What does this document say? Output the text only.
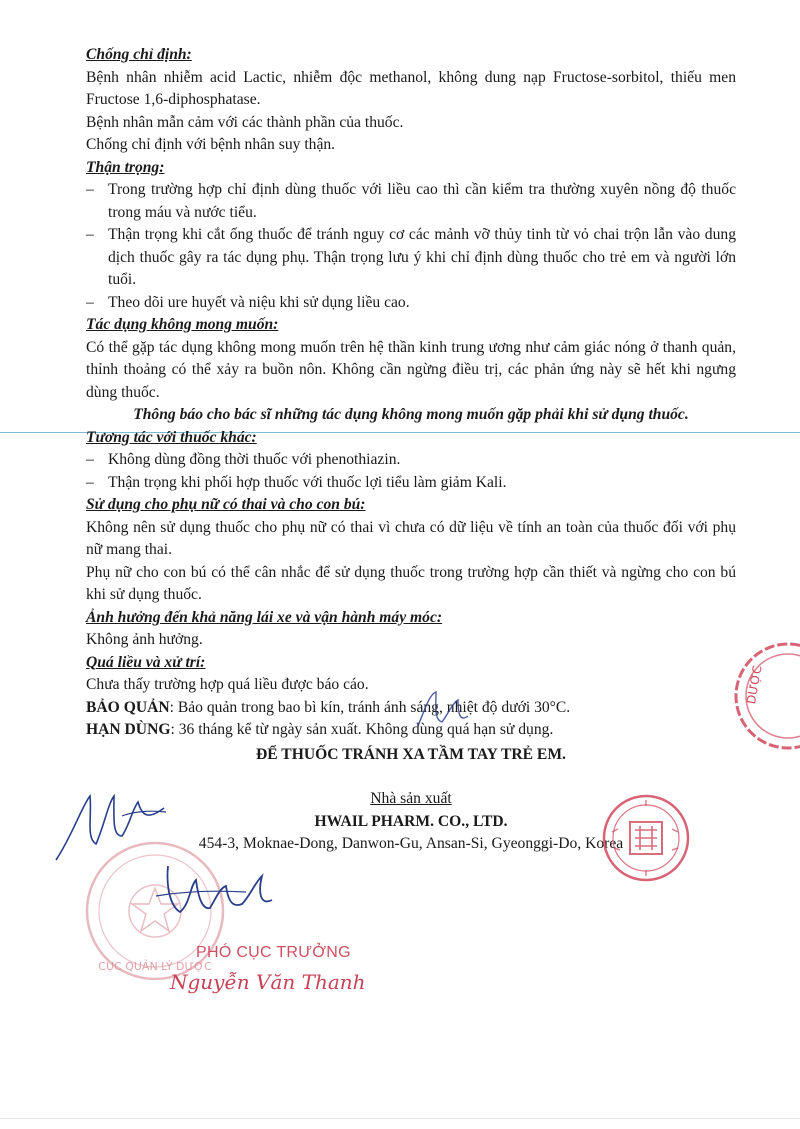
Chống chỉ định:

Bệnh nhân nhiễm acid Lactic, nhiễm độc methanol, không dung nạp Fructose-sorbitol, thiếu men Fructose 1,6-diphosphatase.

Bệnh nhân mẫn cảm với các thành phần của thuốc.

Chống chỉ định với bệnh nhân suy thận.

Thận trọng:

– Trong trường hợp chỉ định dùng thuốc với liều cao thì cần kiểm tra thường xuyên nồng độ thuốc trong máu và nước tiểu.

– Thận trọng khi cắt ống thuốc để tránh nguy cơ các mảnh vỡ thủy tinh từ vỏ chai trộn lẫn vào dung dịch thuốc gây ra tác dụng phụ. Thận trọng lưu ý khi chỉ định dùng thuốc cho trẻ em và người lớn tuổi.

– Theo dõi ure huyết và niệu khi sử dụng liều cao.

Tác dụng không mong muốn:

Có thể gặp tác dụng không mong muốn trên hệ thần kinh trung ương như cảm giác nóng ở thanh quản, thỉnh thoảng có thể xảy ra buồn nôn. Không cần ngừng điều trị, các phản ứng này sẽ hết khi ngưng dùng thuốc.

Thông báo cho bác sĩ những tác dụng không mong muốn gặp phải khi sử dụng thuốc.

Tương tác với thuốc khác:

– Không dùng đồng thời thuốc với phenothiazin.

– Thận trọng khi phối hợp thuốc với thuốc lợi tiểu làm giảm Kali.

Sử dụng cho phụ nữ có thai và cho con bú:

Không nên sử dụng thuốc cho phụ nữ có thai vì chưa có dữ liệu về tính an toàn của thuốc đối với phụ nữ mang thai.

Phụ nữ cho con bú có thể cân nhắc để sử dụng thuốc trong trường hợp cần thiết và ngừng cho con bú khi sử dụng thuốc.

Ảnh hưởng đến khả năng lái xe và vận hành máy móc:

Không ảnh hưởng.

Quá liều và xử trí:

Chưa thấy trường hợp quá liều được báo cáo.

BẢO QUẢN: Bảo quản trong bao bì kín, tránh ánh sáng, nhiệt độ dưới 30°C.

HẠN DÙNG: 36 tháng kể từ ngày sản xuất. Không dùng quá hạn sử dụng.

ĐỂ THUỐC TRÁNH XA TẦM TAY TRẺ EM.

Nhà sản xuất

HWAIL PHARM. CO., LTD.

454-3, Moknae-Dong, Danwon-Gu, Ansan-Si, Gyeonggi-Do, Korea

DƯỢC
CỤC QUẢN LÝ DƯỢC
PHÓ CỤC TRƯỞNG
Nguyễn Văn Thanh
